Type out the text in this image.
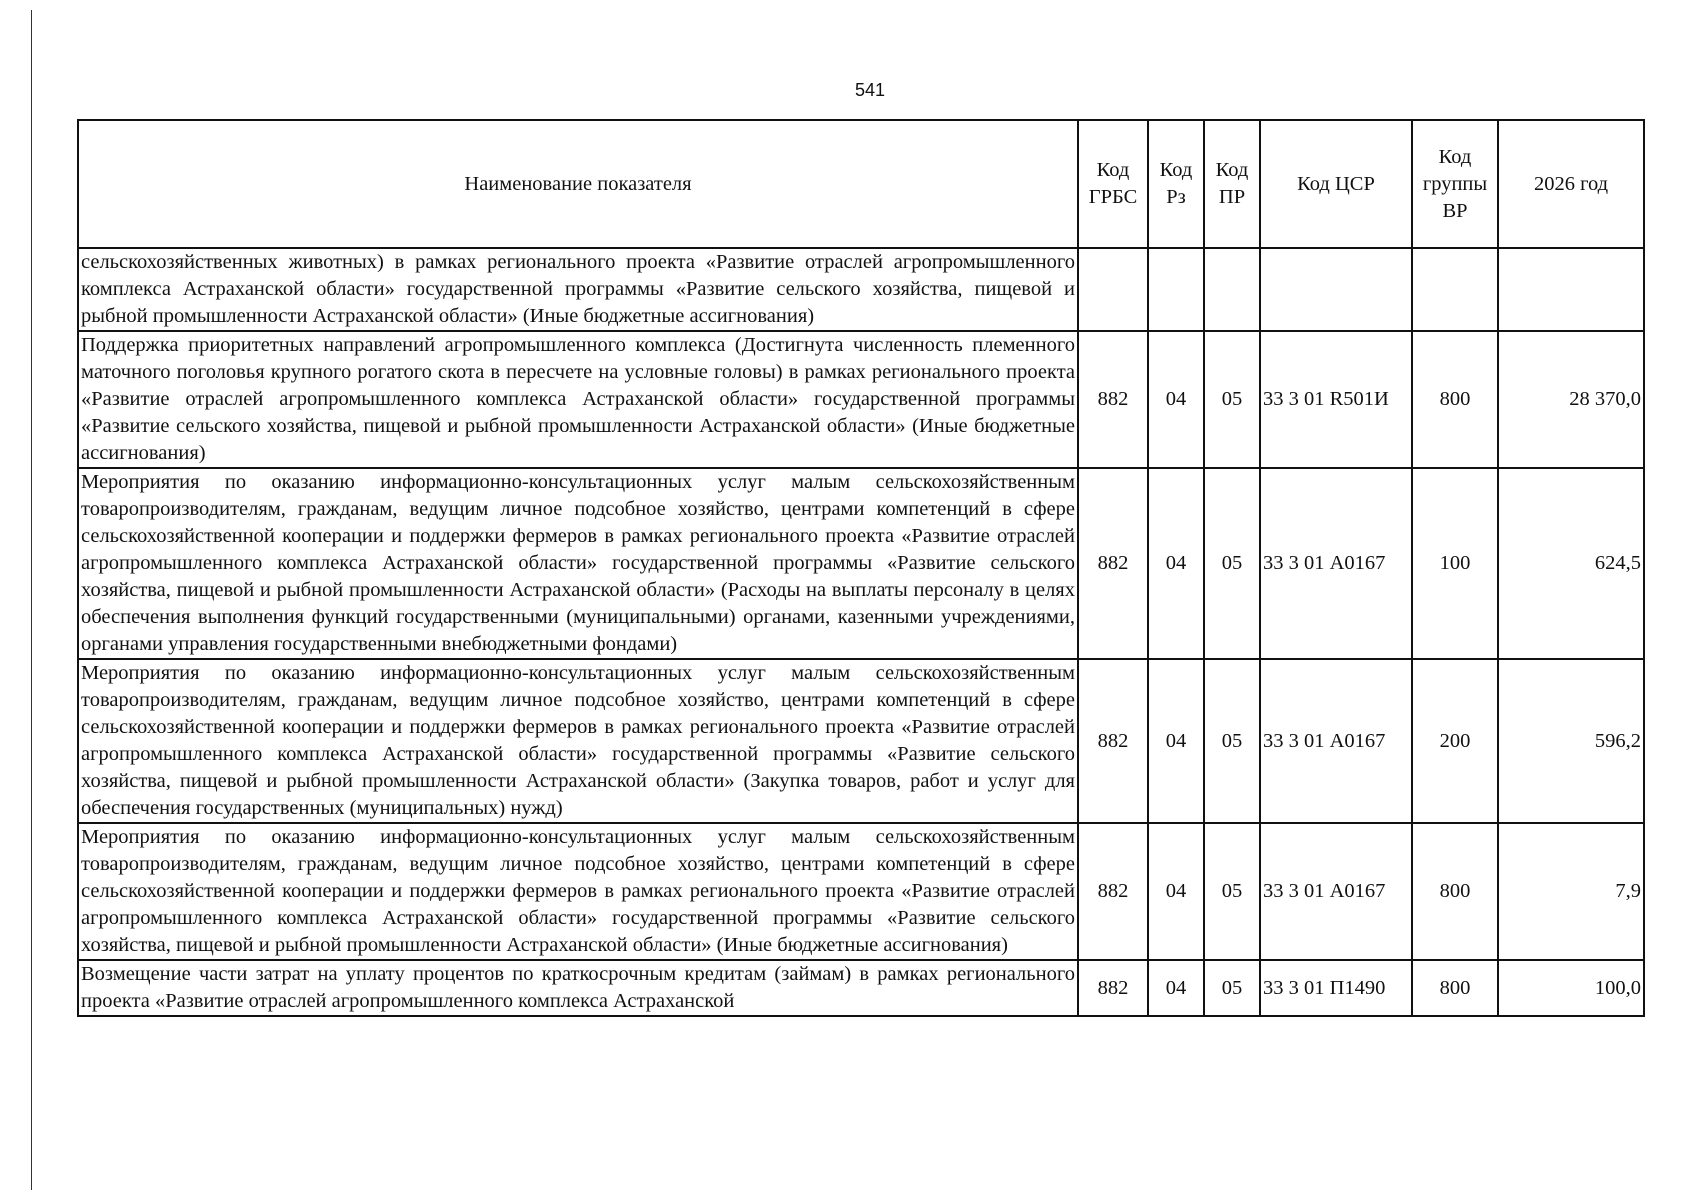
541
Наименование показателя	Код ГРБС	Код Рз	Код ПР	Код ЦСР	Код группы ВР	2026 год
сельскохозяйственных животных) в рамках регионального проекта «Развитие отраслей агропромышленного комплекса Астраханской области» государственной программы «Развитие сельского хозяйства, пищевой и рыбной промышленности Астраханской области» (Иные бюджетные ассигнования)						
Поддержка приоритетных направлений агропромышленного комплекса (Достигнута численность племенного маточного поголовья крупного рогатого скота в пересчете на условные головы) в рамках регионального проекта «Развитие отраслей агропромышленного комплекса Астраханской области» государственной программы «Развитие сельского хозяйства, пищевой и рыбной промышленности Астраханской области» (Иные бюджетные ассигнования)	882	04	05	33 3 01 R501И	800	28 370,0
Мероприятия по оказанию информационно-консультационных услуг малым сельскохозяйственным товаропроизводителям, гражданам, ведущим личное подсобное хозяйство, центрами компетенций в сфере сельскохозяйственной кооперации и поддержки фермеров в рамках регионального проекта «Развитие отраслей агропромышленного комплекса Астраханской области» государственной программы «Развитие сельского хозяйства, пищевой и рыбной промышленности Астраханской области» (Расходы на выплаты персоналу в целях обеспечения выполнения функций государственными (муниципальными) органами, казенными учреждениями, органами управления государственными внебюджетными фондами)	882	04	05	33 3 01 А0167	100	624,5
Мероприятия по оказанию информационно-консультационных услуг малым сельскохозяйственным товаропроизводителям, гражданам, ведущим личное подсобное хозяйство, центрами компетенций в сфере сельскохозяйственной кооперации и поддержки фермеров в рамках регионального проекта «Развитие отраслей агропромышленного комплекса Астраханской области» государственной программы «Развитие сельского хозяйства, пищевой и рыбной промышленности Астраханской области» (Закупка товаров, работ и услуг для обеспечения государственных (муниципальных) нужд)	882	04	05	33 3 01 А0167	200	596,2
Мероприятия по оказанию информационно-консультационных услуг малым сельскохозяйственным товаропроизводителям, гражданам, ведущим личное подсобное хозяйство, центрами компетенций в сфере сельскохозяйственной кооперации и поддержки фермеров в рамках регионального проекта «Развитие отраслей агропромышленного комплекса Астраханской области» государственной программы «Развитие сельского хозяйства, пищевой и рыбной промышленности Астраханской области» (Иные бюджетные ассигнования)	882	04	05	33 3 01 А0167	800	7,9
Возмещение части затрат на уплату процентов по краткосрочным кредитам (займам) в рамках регионального проекта «Развитие отраслей агропромышленного комплекса Астраханской	882	04	05	33 3 01 П1490	800	100,0
